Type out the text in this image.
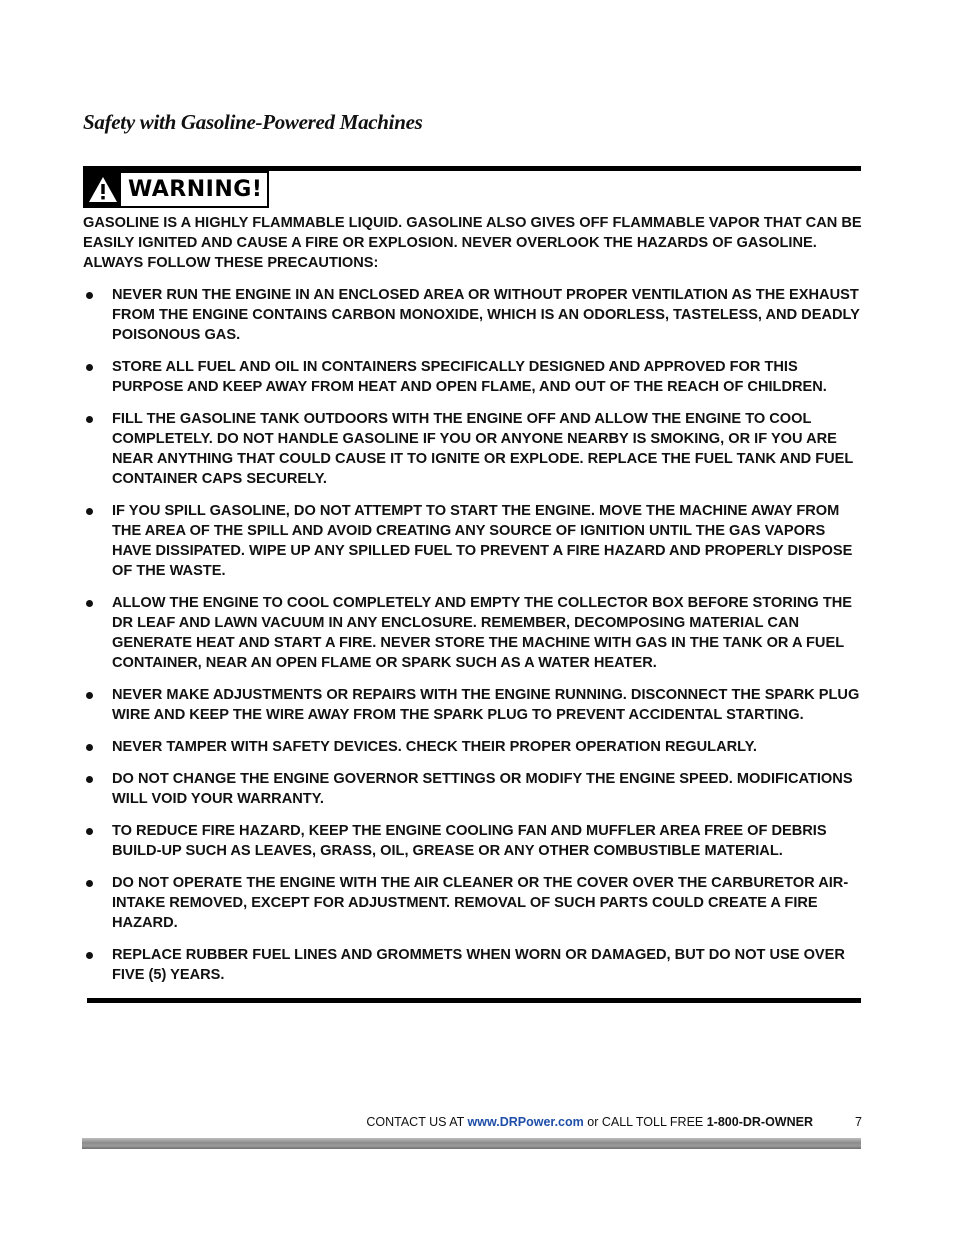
Safety with Gasoline-Powered Machines
WARNING!

GASOLINE IS A HIGHLY FLAMMABLE LIQUID. GASOLINE ALSO GIVES OFF FLAMMABLE VAPOR THAT CAN BE EASILY IGNITED AND CAUSE A FIRE OR EXPLOSION. NEVER OVERLOOK THE HAZARDS OF GASOLINE. ALWAYS FOLLOW THESE PRECAUTIONS:

NEVER RUN THE ENGINE IN AN ENCLOSED AREA OR WITHOUT PROPER VENTILATION AS THE EXHAUST FROM THE ENGINE CONTAINS CARBON MONOXIDE, WHICH IS AN ODORLESS, TASTELESS, AND DEADLY POISONOUS GAS.
STORE ALL FUEL AND OIL IN CONTAINERS SPECIFICALLY DESIGNED AND APPROVED FOR THIS PURPOSE AND KEEP AWAY FROM HEAT AND OPEN FLAME, AND OUT OF THE REACH OF CHILDREN.
FILL THE GASOLINE TANK OUTDOORS WITH THE ENGINE OFF AND ALLOW THE ENGINE TO COOL COMPLETELY. DO NOT HANDLE GASOLINE IF YOU OR ANYONE NEARBY IS SMOKING, OR IF YOU ARE NEAR ANYTHING THAT COULD CAUSE IT TO IGNITE OR EXPLODE. REPLACE THE FUEL TANK AND FUEL CONTAINER CAPS SECURELY.
IF YOU SPILL GASOLINE, DO NOT ATTEMPT TO START THE ENGINE. MOVE THE MACHINE AWAY FROM THE AREA OF THE SPILL AND AVOID CREATING ANY SOURCE OF IGNITION UNTIL THE GAS VAPORS HAVE DISSIPATED. WIPE UP ANY SPILLED FUEL TO PREVENT A FIRE HAZARD AND PROPERLY DISPOSE OF THE WASTE.
ALLOW THE ENGINE TO COOL COMPLETELY AND EMPTY THE COLLECTOR BOX BEFORE STORING THE DR LEAF AND LAWN VACUUM IN ANY ENCLOSURE. REMEMBER, DECOMPOSING MATERIAL CAN GENERATE HEAT AND START A FIRE. NEVER STORE THE MACHINE WITH GAS IN THE TANK OR A FUEL CONTAINER, NEAR AN OPEN FLAME OR SPARK SUCH AS A WATER HEATER.
NEVER MAKE ADJUSTMENTS OR REPAIRS WITH THE ENGINE RUNNING. DISCONNECT THE SPARK PLUG WIRE AND KEEP THE WIRE AWAY FROM THE SPARK PLUG TO PREVENT ACCIDENTAL STARTING.
NEVER TAMPER WITH SAFETY DEVICES. CHECK THEIR PROPER OPERATION REGULARLY.
DO NOT CHANGE THE ENGINE GOVERNOR SETTINGS OR MODIFY THE ENGINE SPEED. MODIFICATIONS WILL VOID YOUR WARRANTY.
TO REDUCE FIRE HAZARD, KEEP THE ENGINE COOLING FAN AND MUFFLER AREA FREE OF DEBRIS BUILD-UP SUCH AS LEAVES, GRASS, OIL, GREASE OR ANY OTHER COMBUSTIBLE MATERIAL.
DO NOT OPERATE THE ENGINE WITH THE AIR CLEANER OR THE COVER OVER THE CARBURETOR AIR-INTAKE REMOVED, EXCEPT FOR ADJUSTMENT. REMOVAL OF SUCH PARTS COULD CREATE A FIRE HAZARD.
REPLACE RUBBER FUEL LINES AND GROMMETS WHEN WORN OR DAMAGED, BUT DO NOT USE OVER FIVE (5) YEARS.
CONTACT US AT www.DRPower.com or CALL TOLL FREE 1-800-DR-OWNER	7
